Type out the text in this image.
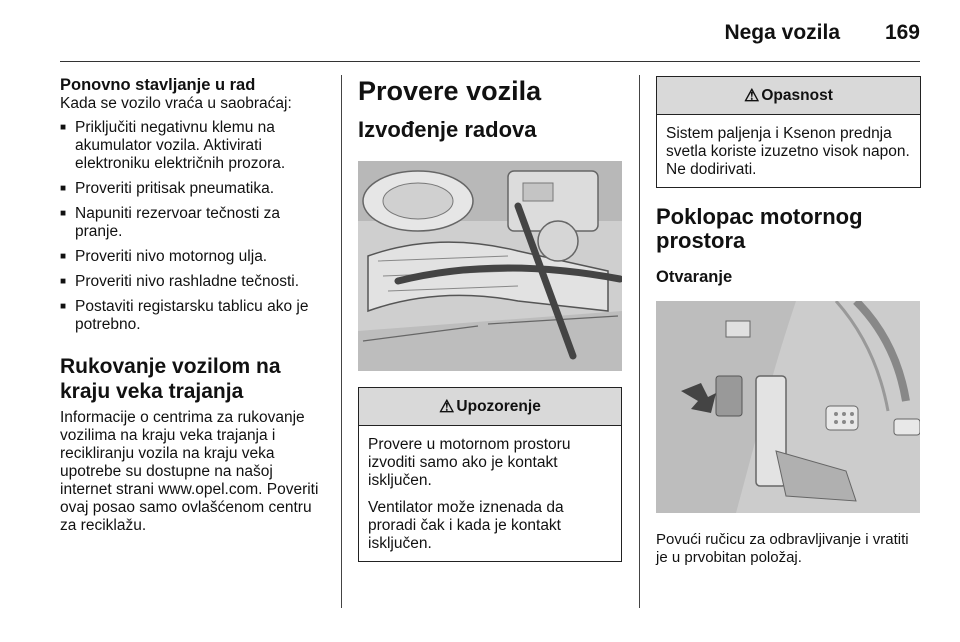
Nega vozila 169
Ponovno stavljanje u rad
Kada se vozilo vraća u saobraćaj:
■ Priključiti negativnu klemu na akumulator vozila. Aktivirati elektroniku električnih prozora.
■ Proveriti pritisak pneumatika.
■ Napuniti rezervoar tečnosti za pranje.
■ Proveriti nivo motornog ulja.
■ Proveriti nivo rashladne tečnosti.
■ Postaviti registarsku tablicu ako je potrebno.
Rukovanje vozilom na kraju veka trajanja
Informacije o centrima za rukovanje vozilima na kraju veka trajanja i recikliranju vozila na kraju veka upotrebe su dostupne na našoj internet strani www.opel.com. Poveriti ovaj posao samo ovlašćenom centru za reciklažu.
Provere vozila
Izvođenje radova
⚠ Upozorenje
Provere u motornom prostoru izvoditi samo ako je kontakt isključen.
Ventilator može iznenada da proradi čak i kada je kontakt isključen.
⚠ Opasnost
Sistem paljenja i Ksenon prednja svetla koriste izuzetno visok napon. Ne dodirivati.
Poklopac motornog prostora
Otvaranje
Povući ručicu za odbravljivanje i vratiti je u prvobitan položaj.
